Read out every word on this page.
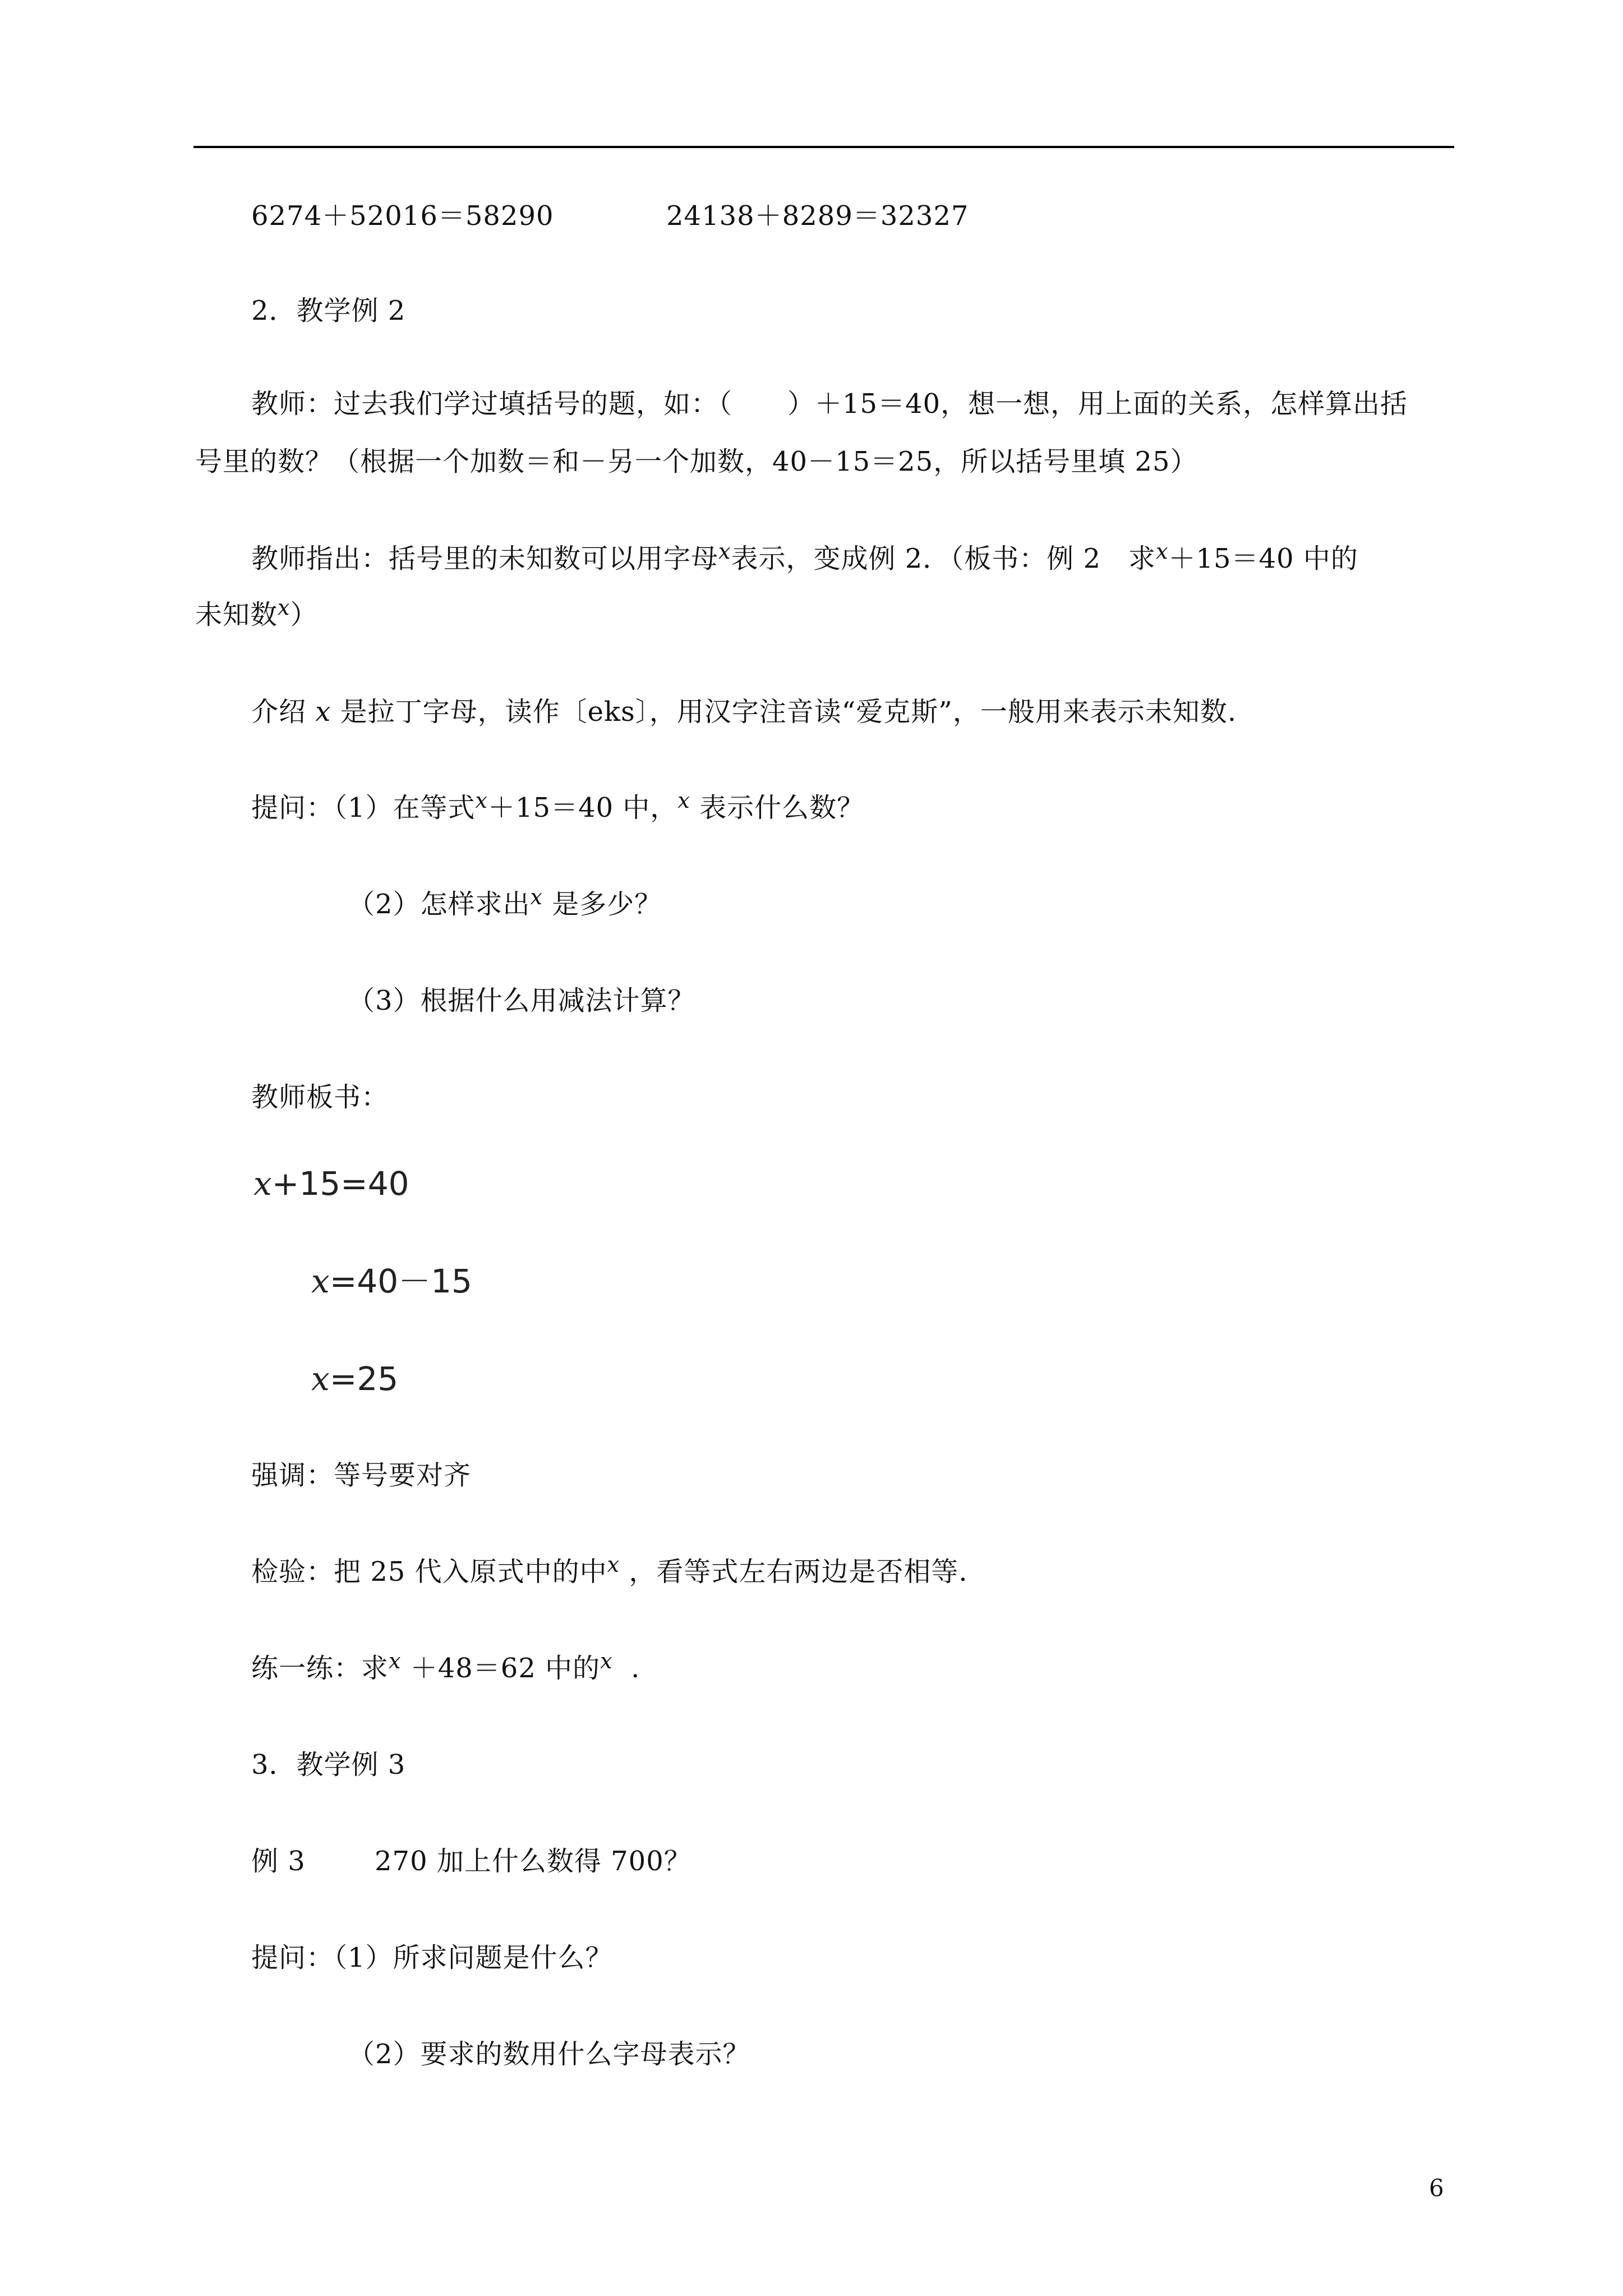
6274＋52016＝58290	24138＋8289＝32327
2．教学例 2
教师：过去我们学过填括号的题，如：（　　）＋15＝40，想一想，用上面的关系，怎样算出括
号里的数？（根据一个加数＝和－另一个加数，40－15＝25，所以括号里填 25）
教师指出：括号里的未知数可以用字母$^x$表示，变成例 2．（板书：例 2　求$^x$＋15＝40 中的
未知数$^x$）
介绍 x 是拉丁字母，读作〔eks〕，用汉字注音读“爱克斯”，一般用来表示未知数.
提问：（1）在等式$^x$＋15＝40 中，$^x$ 表示什么数？
（2）怎样求出$^x$ 是多少？
（3）根据什么用减法计算？
教师板书：
x+15=40
x=40－15
x=25
强调：等号要对齐
检验：把 25 代入原式中的中$^x$ ，看等式左右两边是否相等.
练一练：求$^x$ ＋48＝62 中的$^x$ .
3．教学例 3
例 3	270 加上什么数得 700？
提问：（1）所求问题是什么？
（2）要求的数用什么字母表示？
6
